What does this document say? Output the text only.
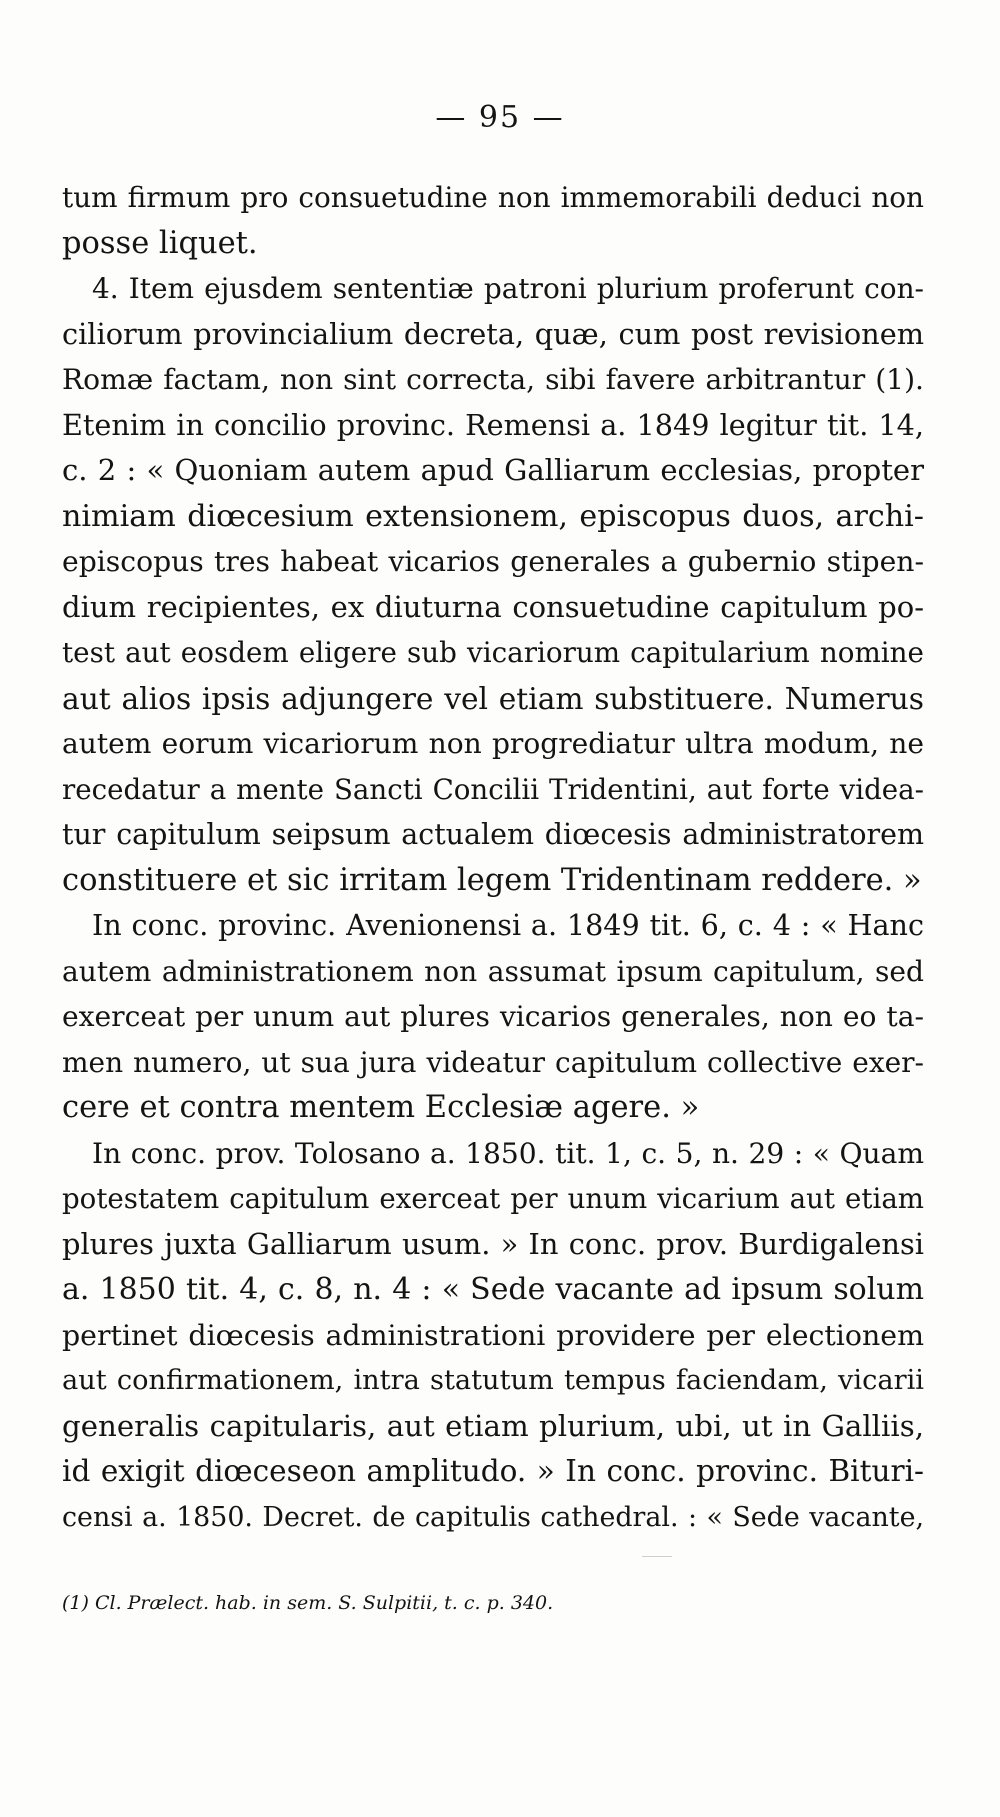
— 95 —
tum firmum pro consuetudine non immemorabili deduci non
posse liquet.
4. Item ejusdem sententiæ patroni plurium proferunt con-
ciliorum provincialium decreta, quæ, cum post revisionem
Romæ factam, non sint correcta, sibi favere arbitrantur (1).
Etenim in concilio provinc. Remensi a. 1849 legitur tit. 14,
c. 2 : « Quoniam autem apud Galliarum ecclesias, propter
nimiam diœcesium extensionem, episcopus duos, archi-
episcopus tres habeat vicarios generales a gubernio stipen-
dium recipientes, ex diuturna consuetudine capitulum po-
test aut eosdem eligere sub vicariorum capitularium nomine
aut alios ipsis adjungere vel etiam substituere. Numerus
autem eorum vicariorum non progrediatur ultra modum, ne
recedatur a mente Sancti Concilii Tridentini, aut forte videa-
tur capitulum seipsum actualem diœcesis administratorem
constituere et sic irritam legem Tridentinam reddere. »
In conc. provinc. Avenionensi a. 1849 tit. 6, c. 4 : « Hanc
autem administrationem non assumat ipsum capitulum, sed
exerceat per unum aut plures vicarios generales, non eo ta-
men numero, ut sua jura videatur capitulum collective exer-
cere et contra mentem Ecclesiæ agere. »
In conc. prov. Tolosano a. 1850. tit. 1, c. 5, n. 29 : « Quam
potestatem capitulum exerceat per unum vicarium aut etiam
plures juxta Galliarum usum. » In conc. prov. Burdigalensi
a. 1850 tit. 4, c. 8, n. 4 : « Sede vacante ad ipsum solum
pertinet diœcesis administrationi providere per electionem
aut confirmationem, intra statutum tempus faciendam, vicarii
generalis capitularis, aut etiam plurium, ubi, ut in Galliis,
id exigit diœceseon amplitudo. » In conc. provinc. Bituri-
censi a. 1850. Decret. de capitulis cathedral. : « Sede vacante,
(1) Cl. Prælect. hab. in sem. S. Sulpitii, t. c. p. 340.
